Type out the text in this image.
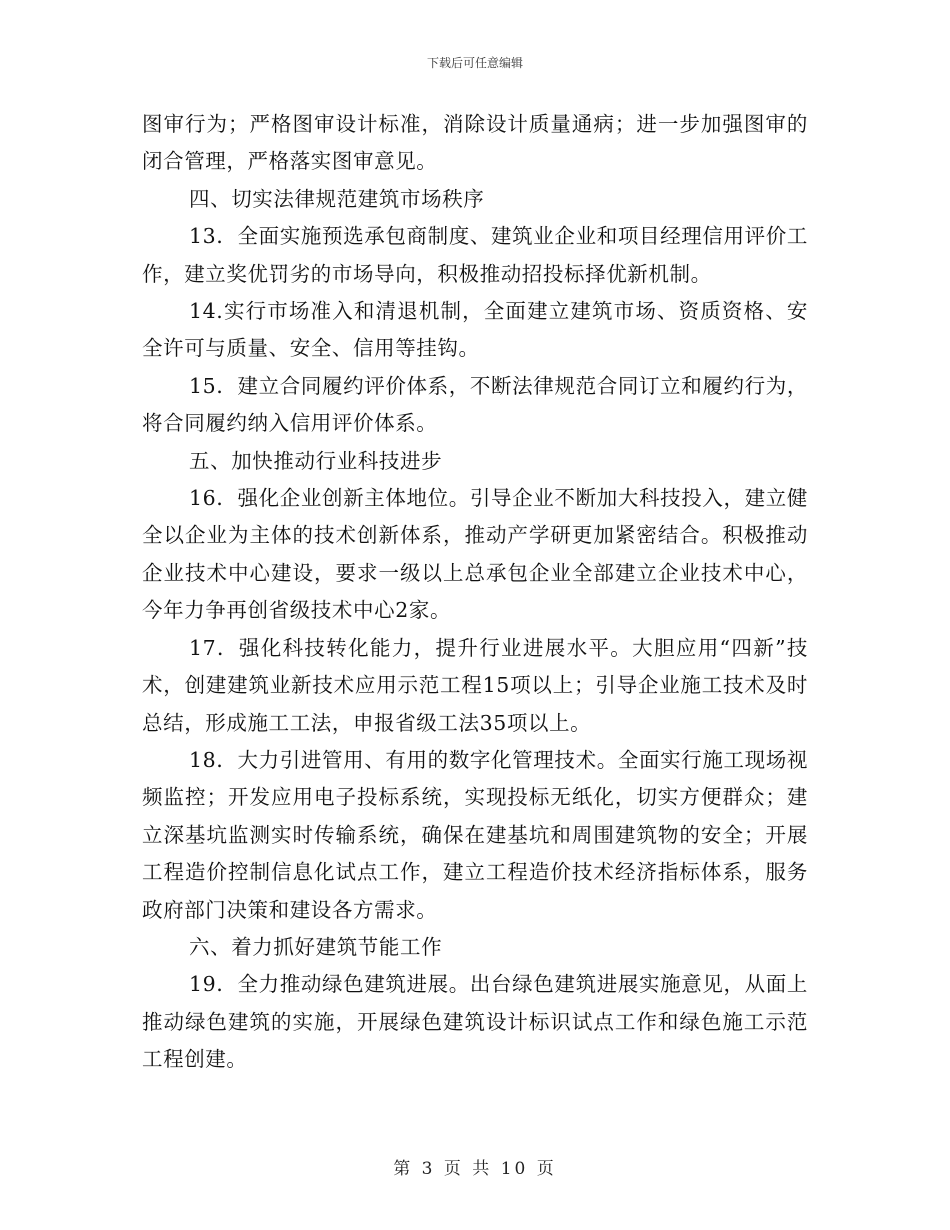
下载后可任意编辑

图审行为；严格图审设计标准，消除设计质量通病；进一步加强图审的闭合管理，严格落实图审意见。

四、切实法律规范建筑市场秩序

13．全面实施预选承包商制度、建筑业企业和项目经理信用评价工作，建立奖优罚劣的市场导向，积极推动招投标择优新机制。

14.实行市场准入和清退机制，全面建立建筑市场、资质资格、安全许可与质量、安全、信用等挂钩。

15．建立合同履约评价体系，不断法律规范合同订立和履约行为，将合同履约纳入信用评价体系。

五、加快推动行业科技进步

16．强化企业创新主体地位。引导企业不断加大科技投入，建立健全以企业为主体的技术创新体系，推动产学研更加紧密结合。积极推动企业技术中心建设，要求一级以上总承包企业全部建立企业技术中心，今年力争再创省级技术中心2家。

17．强化科技转化能力，提升行业进展水平。大胆应用“四新”技术，创建建筑业新技术应用示范工程15项以上；引导企业施工技术及时总结，形成施工工法，申报省级工法35项以上。

18．大力引进管用、有用的数字化管理技术。全面实行施工现场视频监控；开发应用电子投标系统，实现投标无纸化，切实方便群众；建立深基坑监测实时传输系统，确保在建基坑和周围建筑物的安全；开展工程造价控制信息化试点工作，建立工程造价技术经济指标体系，服务政府部门决策和建设各方需求。

六、着力抓好建筑节能工作

19．全力推动绿色建筑进展。出台绿色建筑进展实施意见，从面上推动绿色建筑的实施，开展绿色建筑设计标识试点工作和绿色施工示范工程创建。

第 3 页 共 10 页
